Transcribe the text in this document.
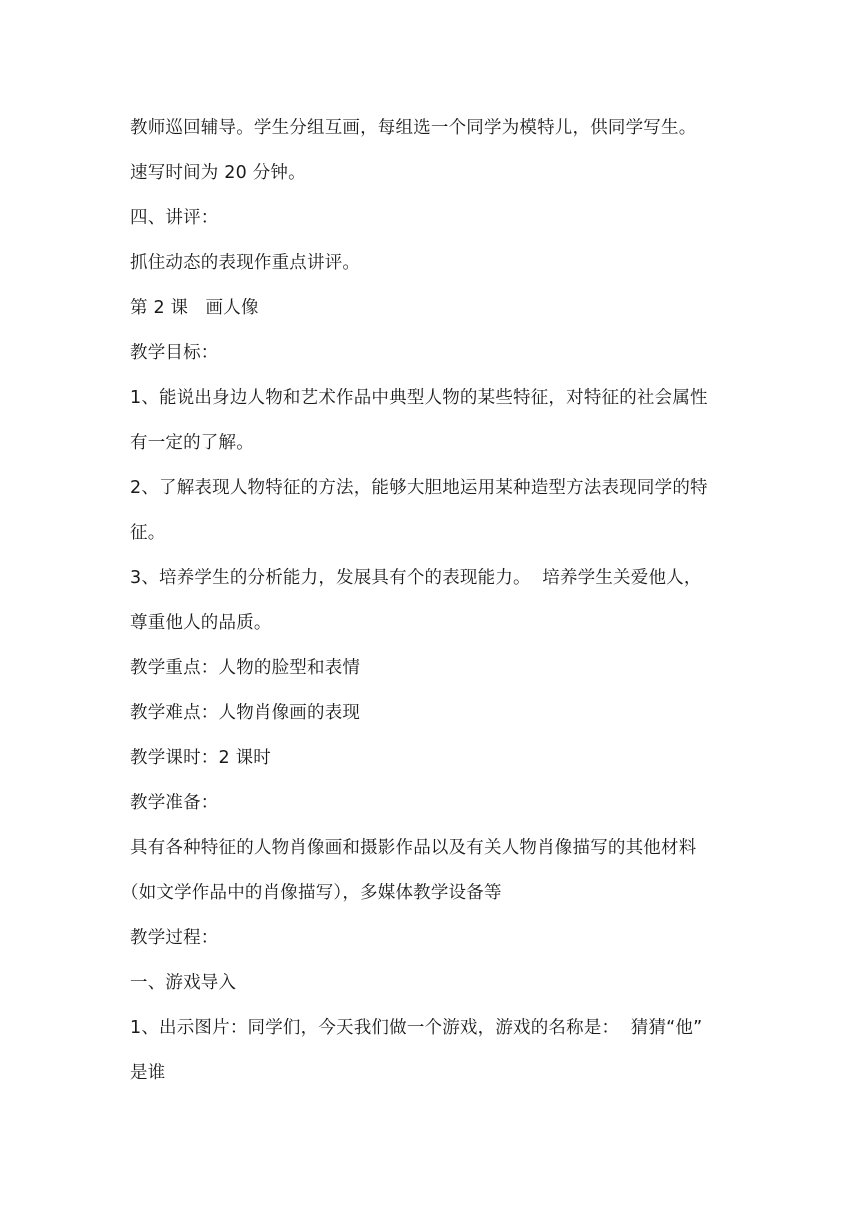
教师巡回辅导。学生分组互画，每组选一个同学为模特儿，供同学写生。
速写时间为 20 分钟。
四、讲评：
抓住动态的表现作重点讲评。
第 2 课   画人像
教学目标：
1、能说出身边人物和艺术作品中典型人物的某些特征，对特征的社会属性
有一定的了解。
2、了解表现人物特征的方法，能够大胆地运用某种造型方法表现同学的特
征。
3、培养学生的分析能力，发展具有个的表现能力。  培养学生关爱他人，
尊重他人的品质。
教学重点：人物的脸型和表情
教学难点：人物肖像画的表现
教学课时：2 课时
教学准备：
具有各种特征的人物肖像画和摄影作品以及有关人物肖像描写的其他材料
（如文学作品中的肖像描写），多媒体教学设备等
教学过程：
一、游戏导入
1、出示图片：同学们，今天我们做一个游戏，游戏的名称是：  猜猜“他”
是谁
